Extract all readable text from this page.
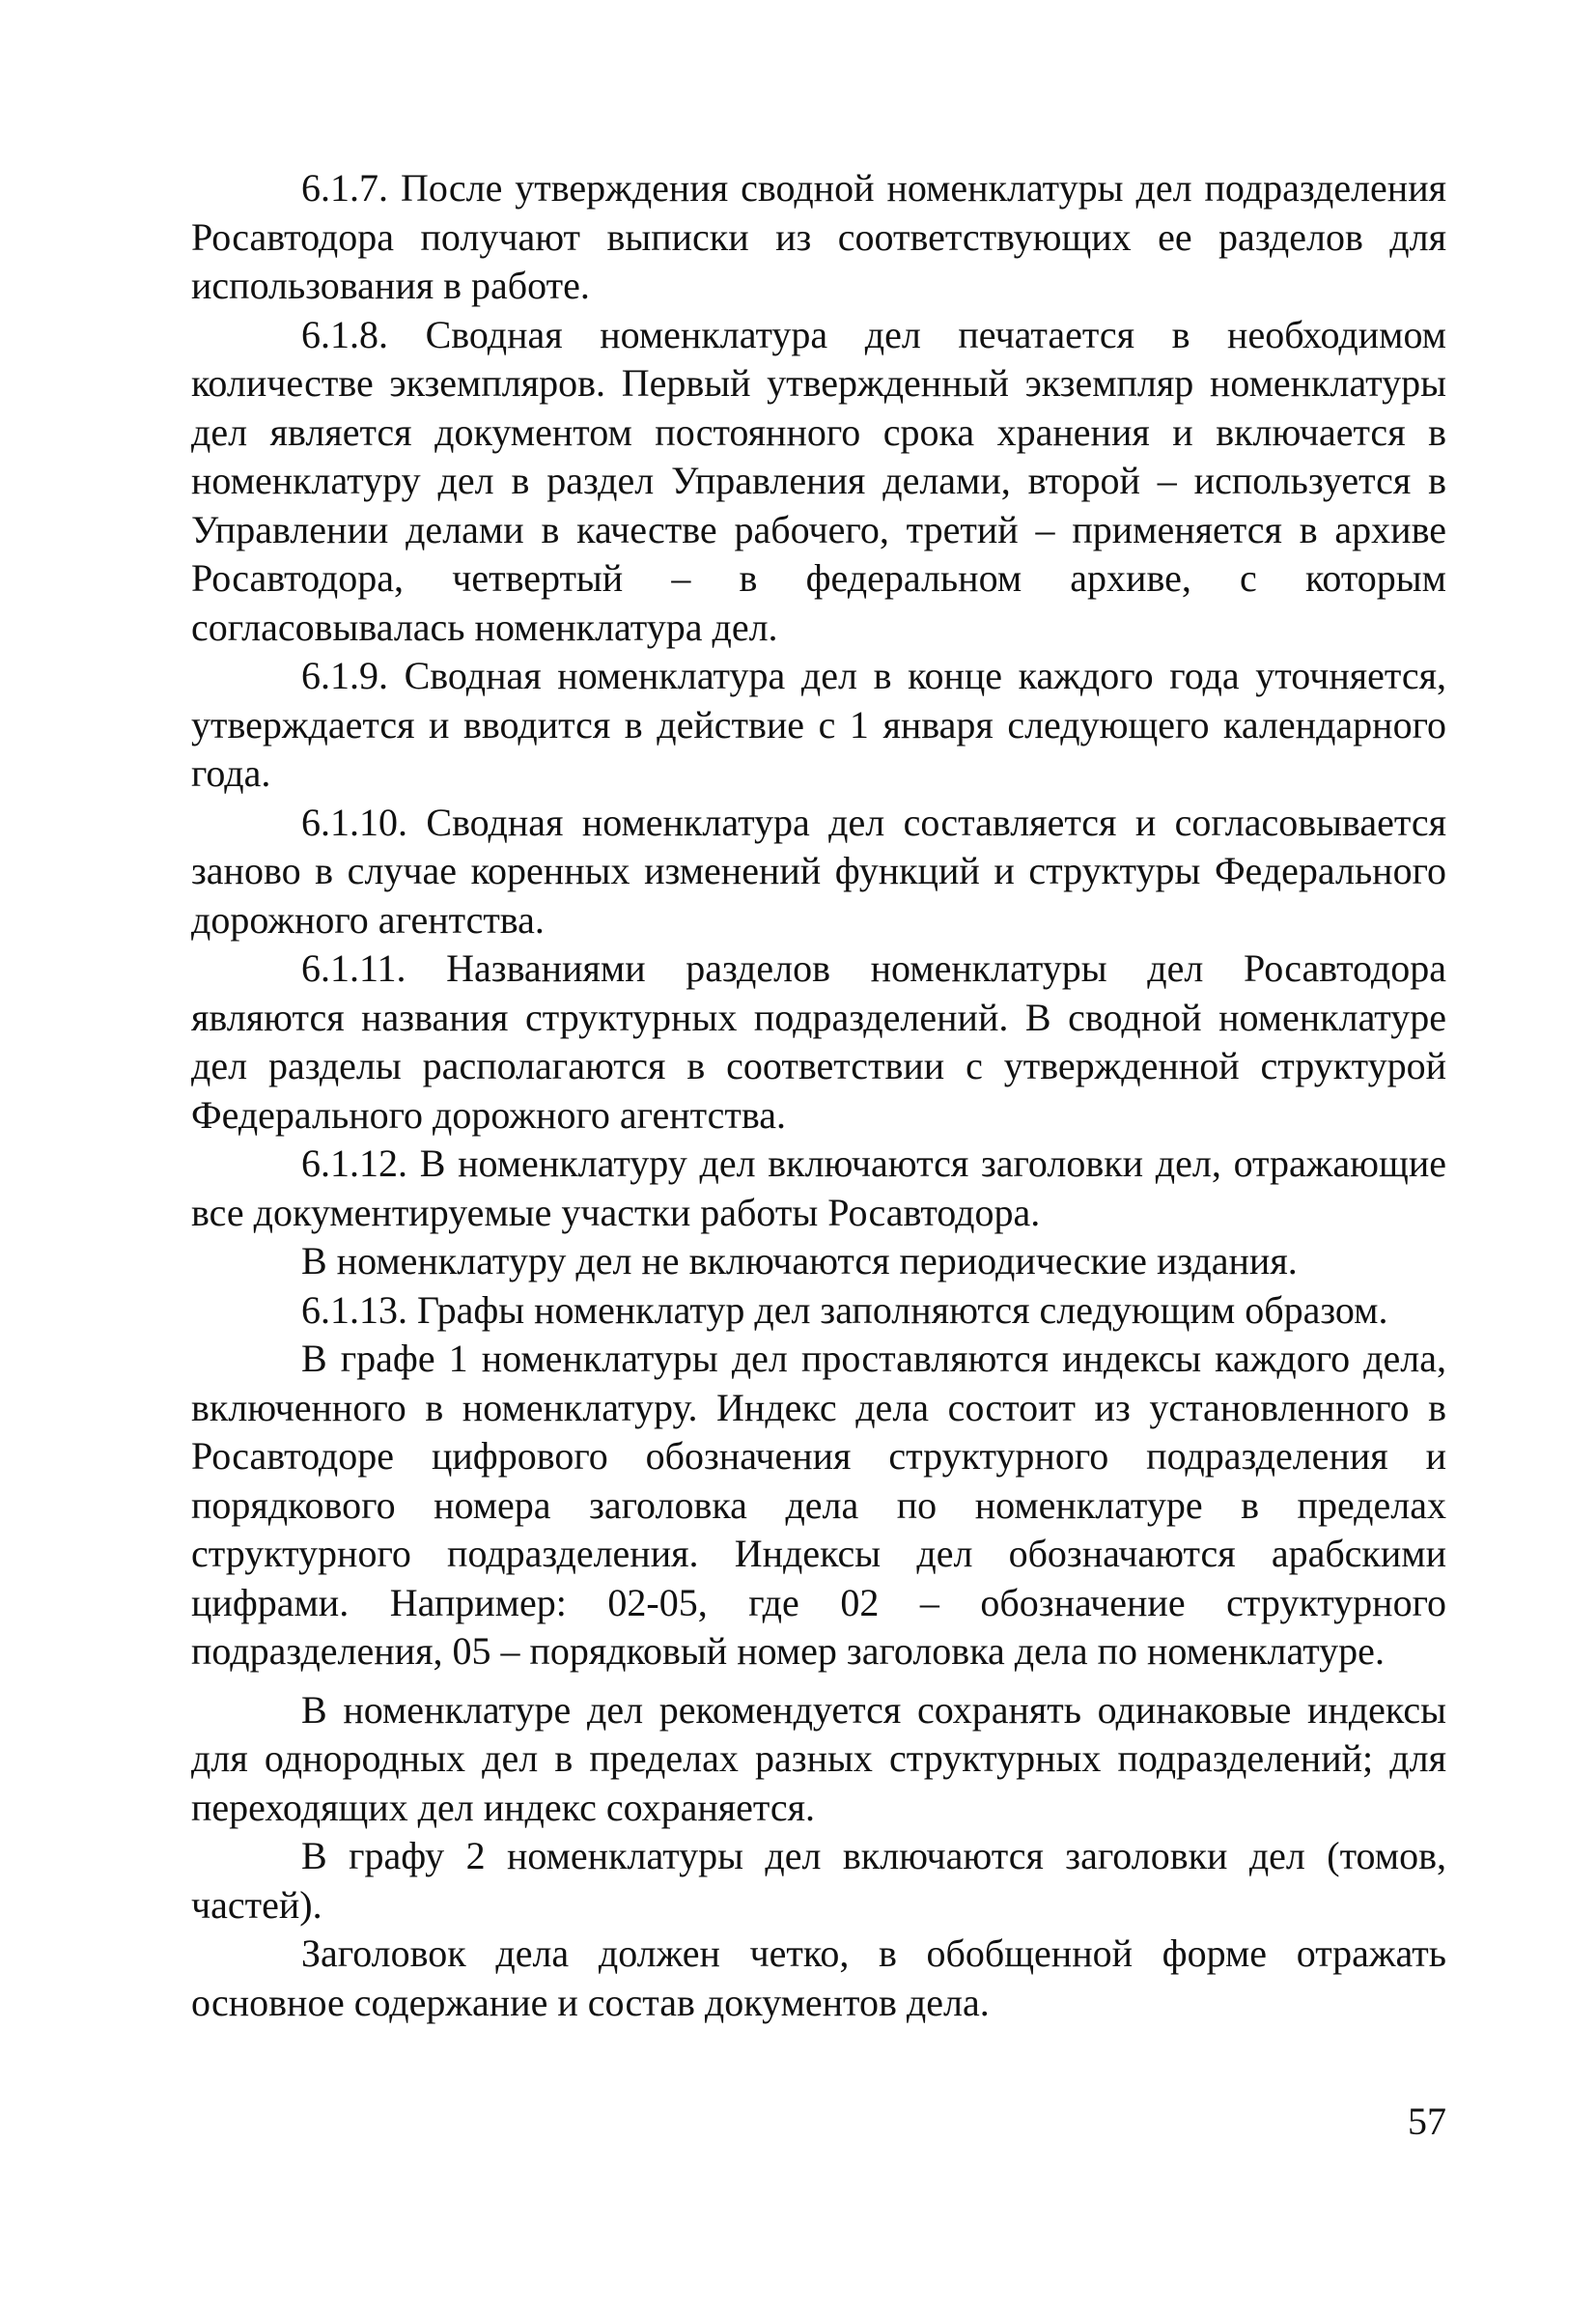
6.1.7. После утверждения сводной номенклатуры дел подразделения Росавтодора получают выписки из соответствующих ее разделов для использования в работе.

6.1.8. Сводная номенклатура дел печатается в необходимом количестве экземпляров. Первый утвержденный экземпляр номенклатуры дел является документом постоянного срока хранения и включается в номенклатуру дел в раздел Управления делами, второй – используется в Управлении делами в качестве рабочего, третий – применяется в архиве Росавтодора, четвертый – в федеральном архиве, с которым согласовывалась номенклатура дел.

6.1.9. Сводная номенклатура дел в конце каждого года уточняется, утверждается и вводится в действие с 1 января следующего календарного года.

6.1.10. Сводная номенклатура дел составляется и согласовывается заново в случае коренных изменений функций и структуры Федерального дорожного агентства.

6.1.11. Названиями разделов номенклатуры дел Росавтодора являются названия структурных подразделений. В сводной номенклатуре дел разделы располагаются в соответствии с утвержденной структурой Федерального дорожного агентства.

6.1.12. В номенклатуру дел включаются заголовки дел, отражающие все документируемые участки работы Росавтодора.

В номенклатуру дел не включаются периодические издания.

6.1.13. Графы номенклатур дел заполняются следующим образом.

В графе 1 номенклатуры дел проставляются индексы каждого дела, включенного в номенклатуру. Индекс дела состоит из установленного в Росавтодоре цифрового обозначения структурного подразделения и порядкового номера заголовка дела по номенклатуре в пределах структурного подразделения. Индексы дел обозначаются арабскими цифрами. Например: 02-05, где 02 – обозначение структурного подразделения, 05 – порядковый номер заголовка дела по номенклатуре.

В номенклатуре дел рекомендуется сохранять одинаковые индексы для однородных дел в пределах разных структурных подразделений; для переходящих дел индекс сохраняется.

В графу 2 номенклатуры дел включаются заголовки дел (томов, частей).

Заголовок дела должен четко, в обобщенной форме отражать основное содержание и состав документов дела.

57
